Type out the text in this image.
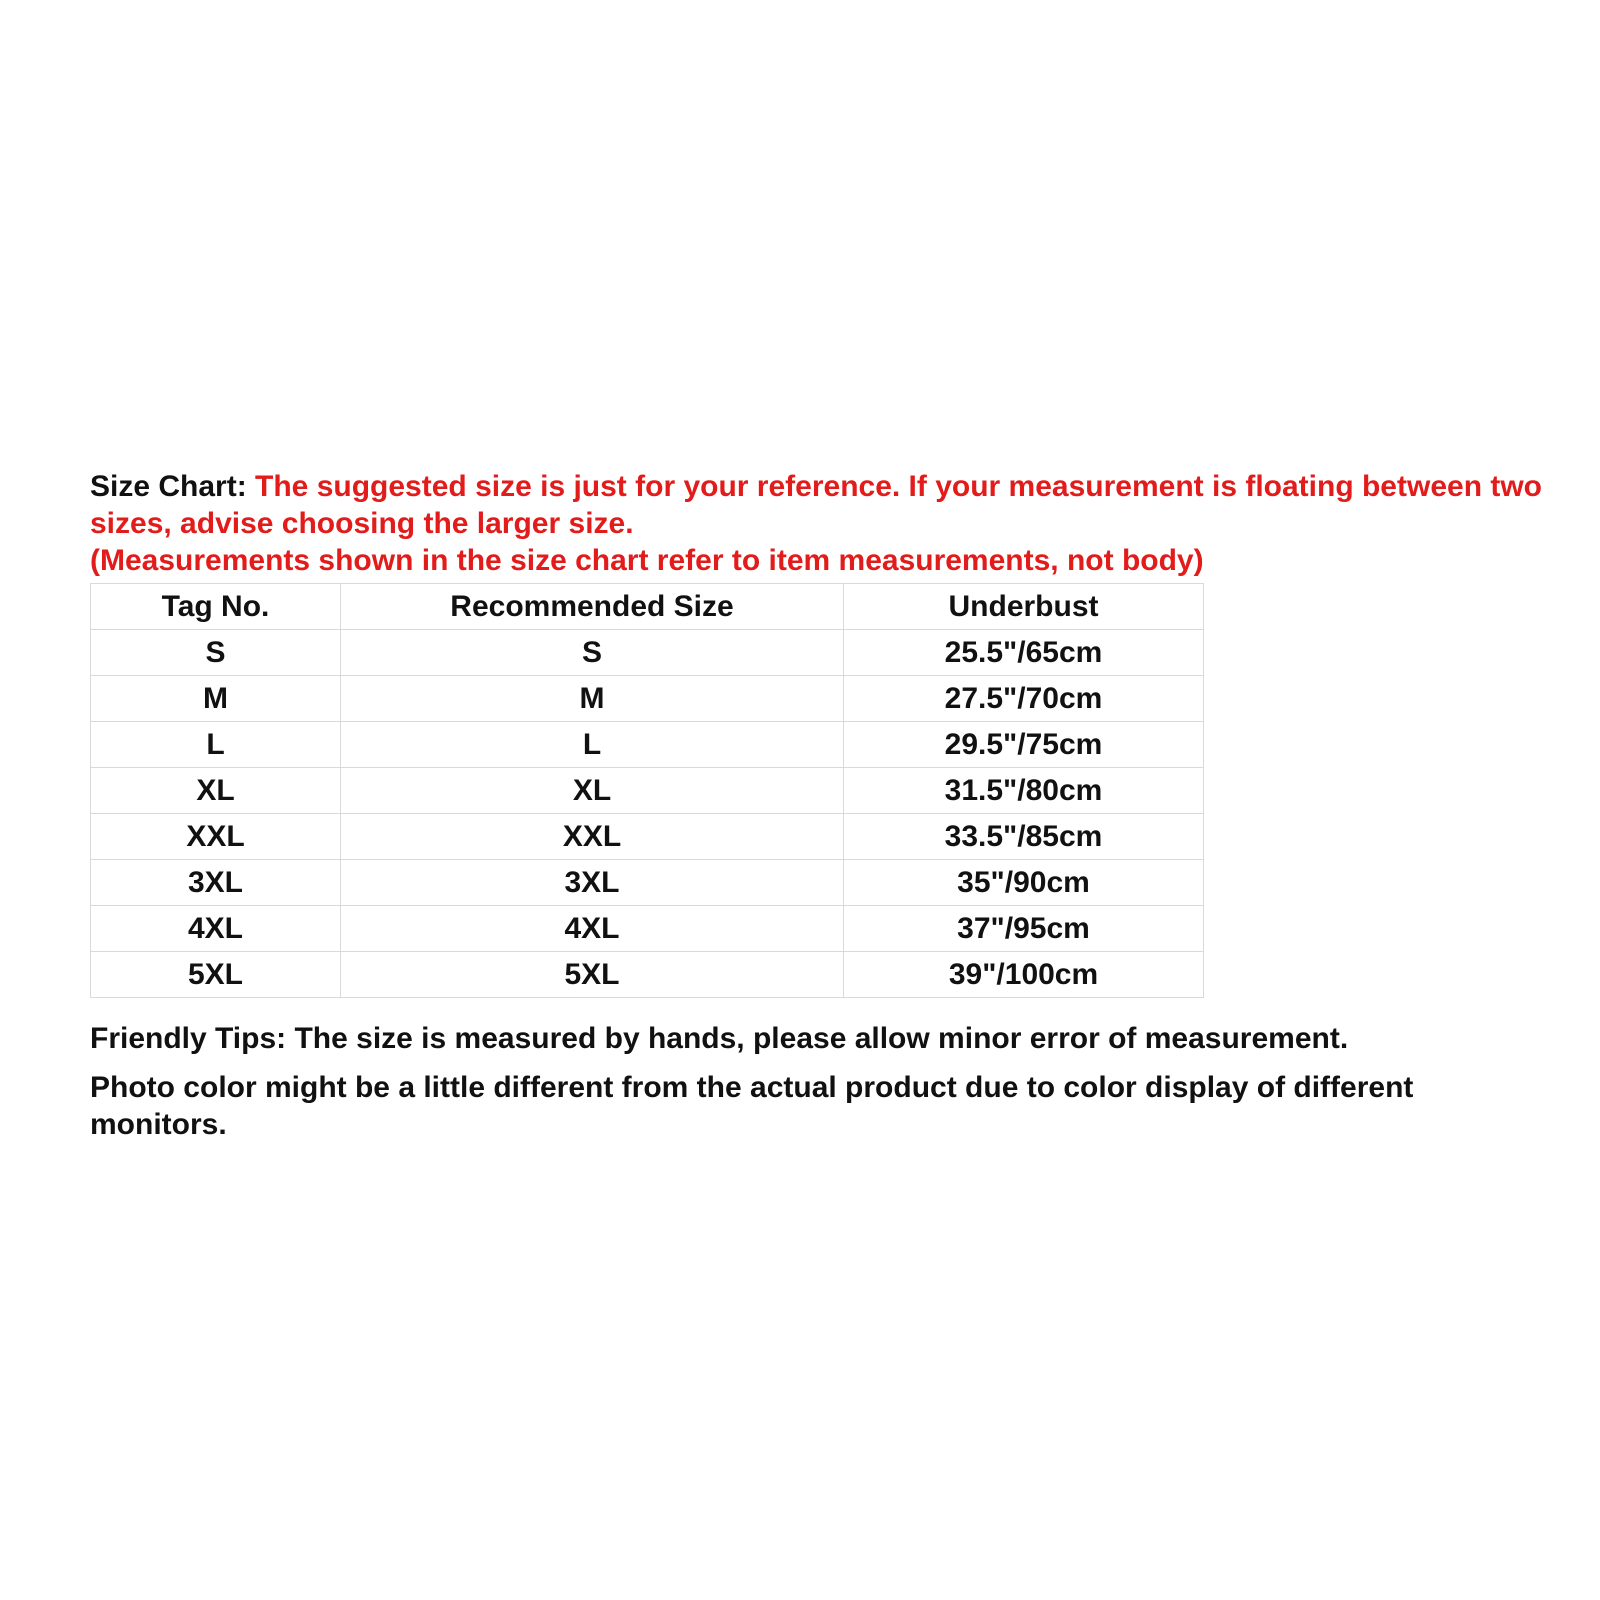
Size Chart: The suggested size is just for your reference. If your measurement is floating between two sizes, advise choosing the larger size.
(Measurements shown in the size chart refer to item measurements, not body)

Tag No.	Recommended Size	Underbust
S	S	25.5"/65cm
M	M	27.5"/70cm
L	L	29.5"/75cm
XL	XL	31.5"/80cm
XXL	XXL	33.5"/85cm
3XL	3XL	35"/90cm
4XL	4XL	37"/95cm
5XL	5XL	39"/100cm

Friendly Tips: The size is measured by hands, please allow minor error of measurement.

Photo color might be a little different from the actual product due to color display of different monitors.
